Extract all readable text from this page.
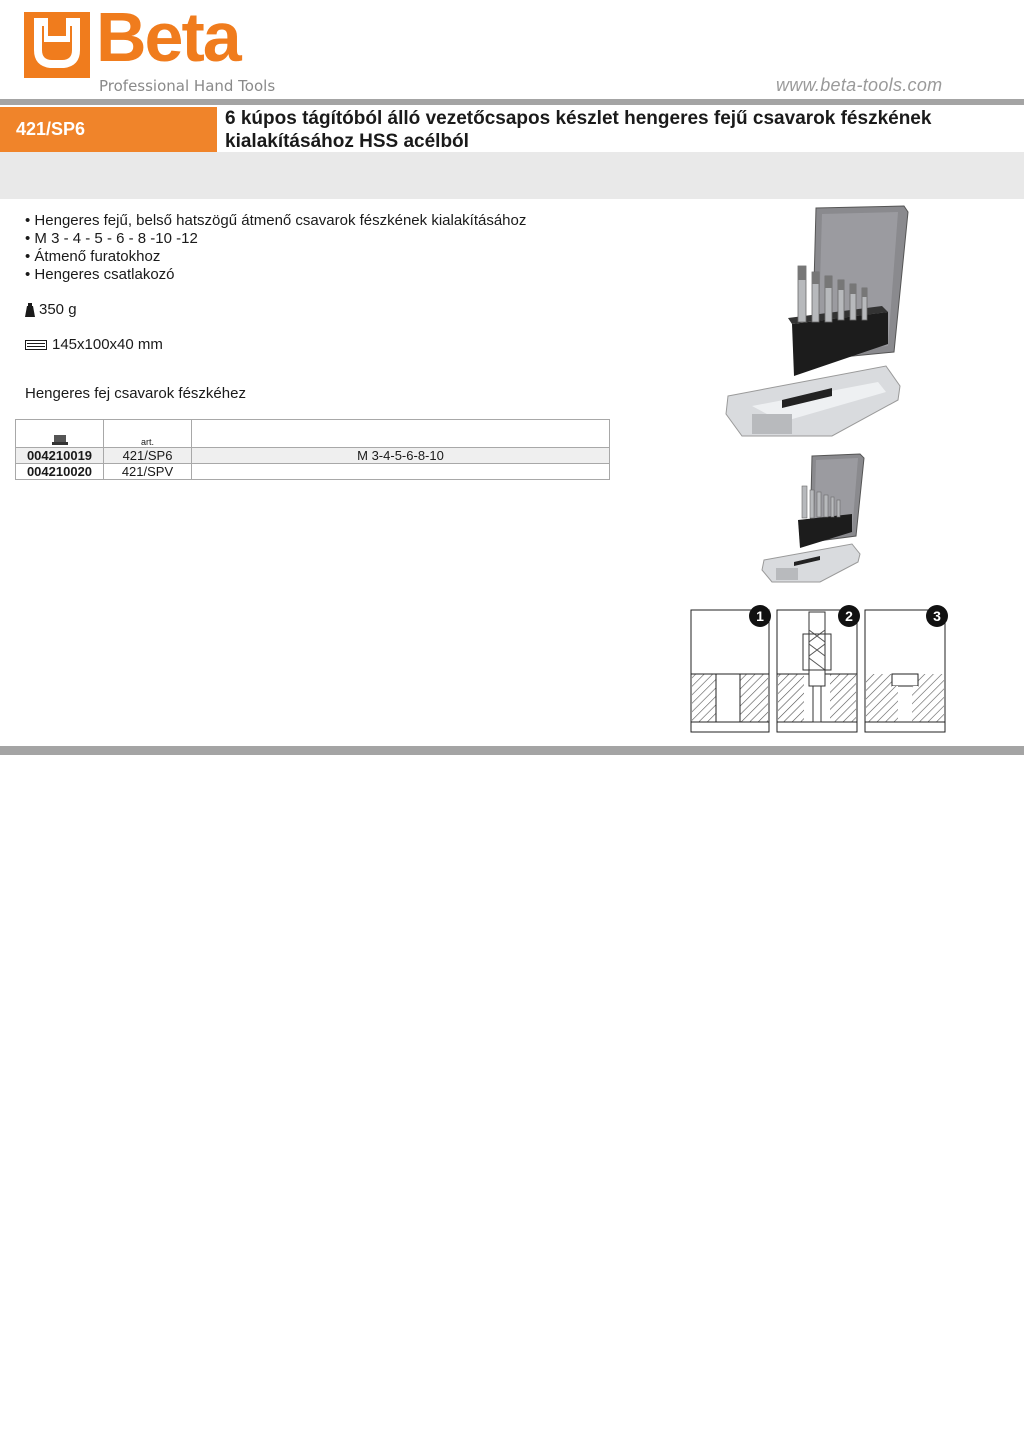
Beta
Professional Hand Tools	www.beta-tools.com
421/SP6	6 kúpos tágítóból álló vezetőcsapos készlet hengeres fejű csavarok fészkének kialakításához HSS acélból
• Hengeres fejű, belső hatszögű átmenő csavarok fészkének kialakításához
• M 3 - 4 - 5 - 6 - 8 -10 -12
• Átmenő furatokhoz
• Hengeres csatlakozó
350 g
145x100x40 mm
Hengeres fej csavarok fészkéhez
	art.	
004210019	421/SP6	M 3-4-5-6-8-10
004210020	421/SPV	
1	2	3
